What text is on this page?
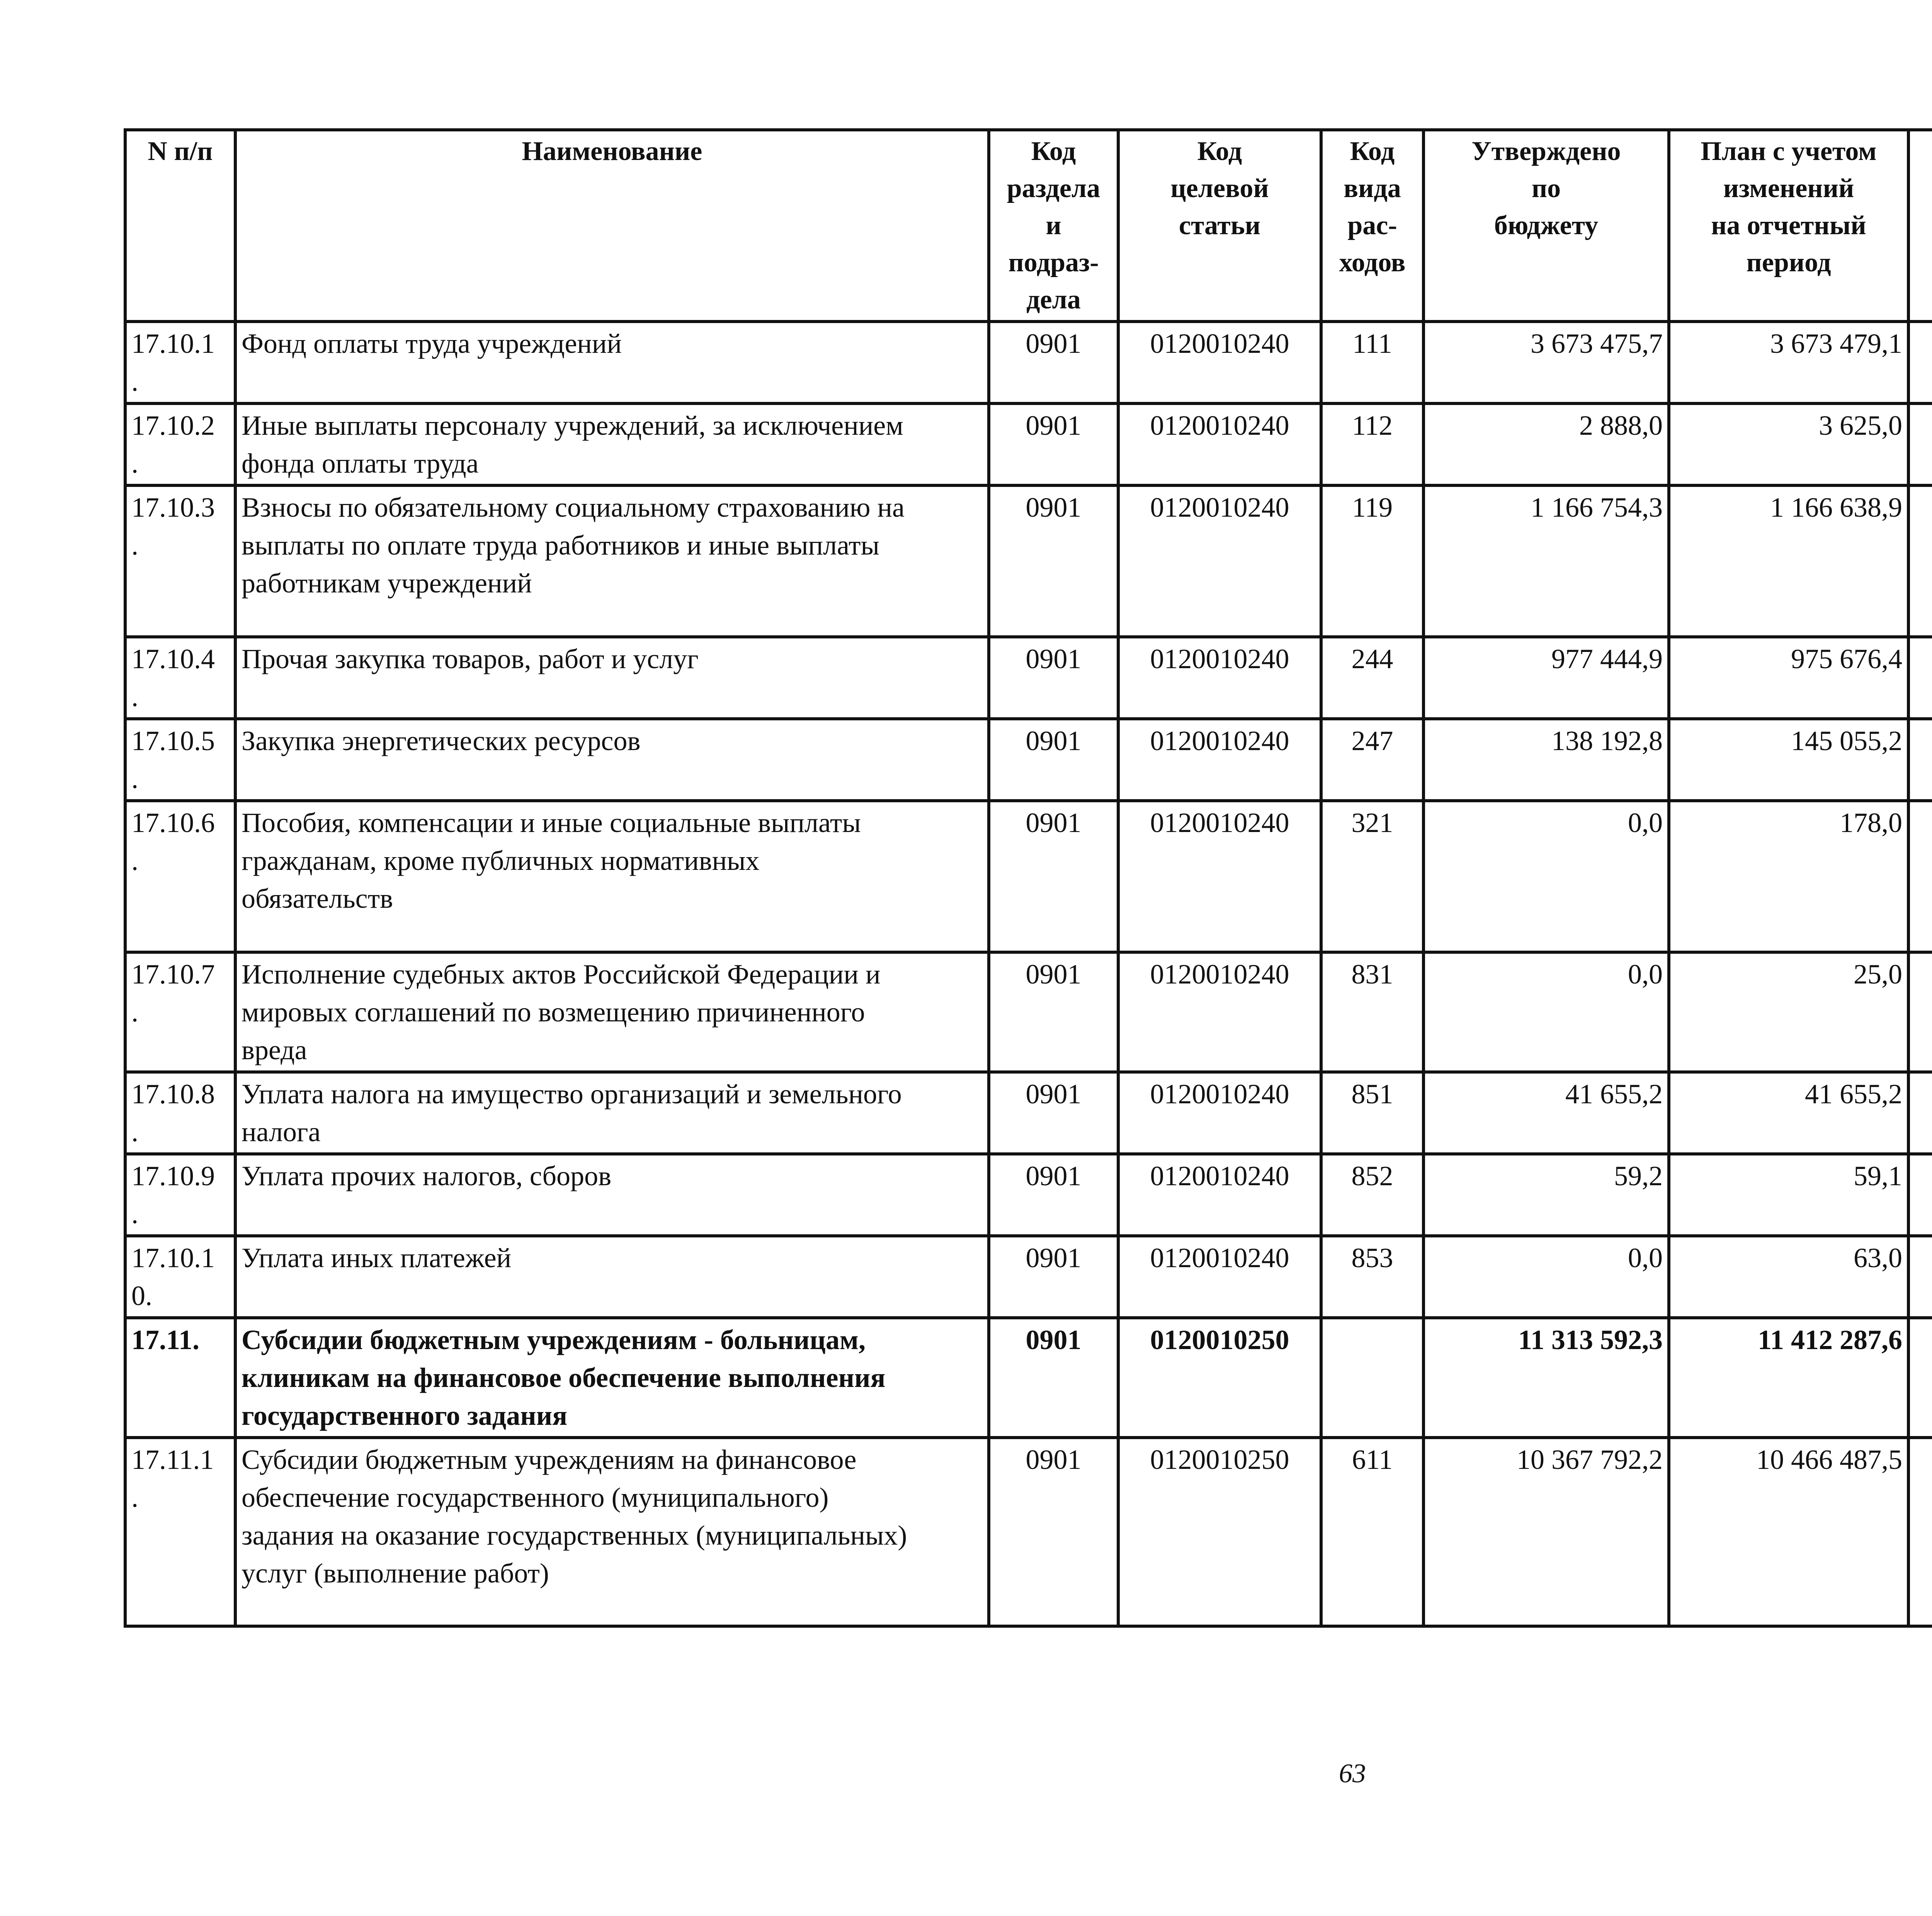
N п/п	Наименование	Код
раздела
и
подраз-
дела	Код
целевой
статьи	Код
вида
рас-
ходов	Утверждено
по
бюджету	План с учетом
изменений
на отчетный
период

17.10.1
.	Фонд оплаты труда учреждений	0901	0120010240	111	3 673 475,7	3 673 479,1			

17.10.2
.	Иные выплаты персоналу учреждений, за исключением
фонда оплаты труда	0901	0120010240	112	2 888,0	3 625,0			

17.10.3
.	Взносы по обязательному социальному страхованию на
выплаты по оплате труда работников и иные выплаты
работникам учреждений	0901	0120010240	119	1 166 754,3	1 166 638,9			

17.10.4
.	Прочая закупка товаров, работ и услуг	0901	0120010240	244	977 444,9	975 676,4			

17.10.5
.	Закупка энергетических ресурсов	0901	0120010240	247	138 192,8	145 055,2			

17.10.6
.	Пособия, компенсации и иные социальные выплаты
гражданам, кроме публичных нормативных
обязательств	0901	0120010240	321	0,0	178,0			

17.10.7
.	Исполнение судебных актов Российской Федерации и
мировых соглашений по возмещению причиненного
вреда	0901	0120010240	831	0,0	25,0			

17.10.8
.	Уплата налога на имущество организаций и земельного
налога	0901	0120010240	851	41 655,2	41 655,2			

17.10.9
.	Уплата прочих налогов, сборов	0901	0120010240	852	59,2	59,1			

17.10.1
0.	Уплата иных платежей	0901	0120010240	853	0,0	63,0			

17.11.	Субсидии бюджетным учреждениям - больницам,
клиникам на финансовое обеспечение выполнения
государственного задания	0901	0120010250		11 313 592,3	11 412 287,6			

17.11.1
.	Субсидии бюджетным учреждениям на финансовое
обеспечение государственного (муниципального)
задания на оказание государственных (муниципальных)
услуг (выполнение работ)	0901	0120010250	611	10 367 792,2	10 466 487,5			
63
